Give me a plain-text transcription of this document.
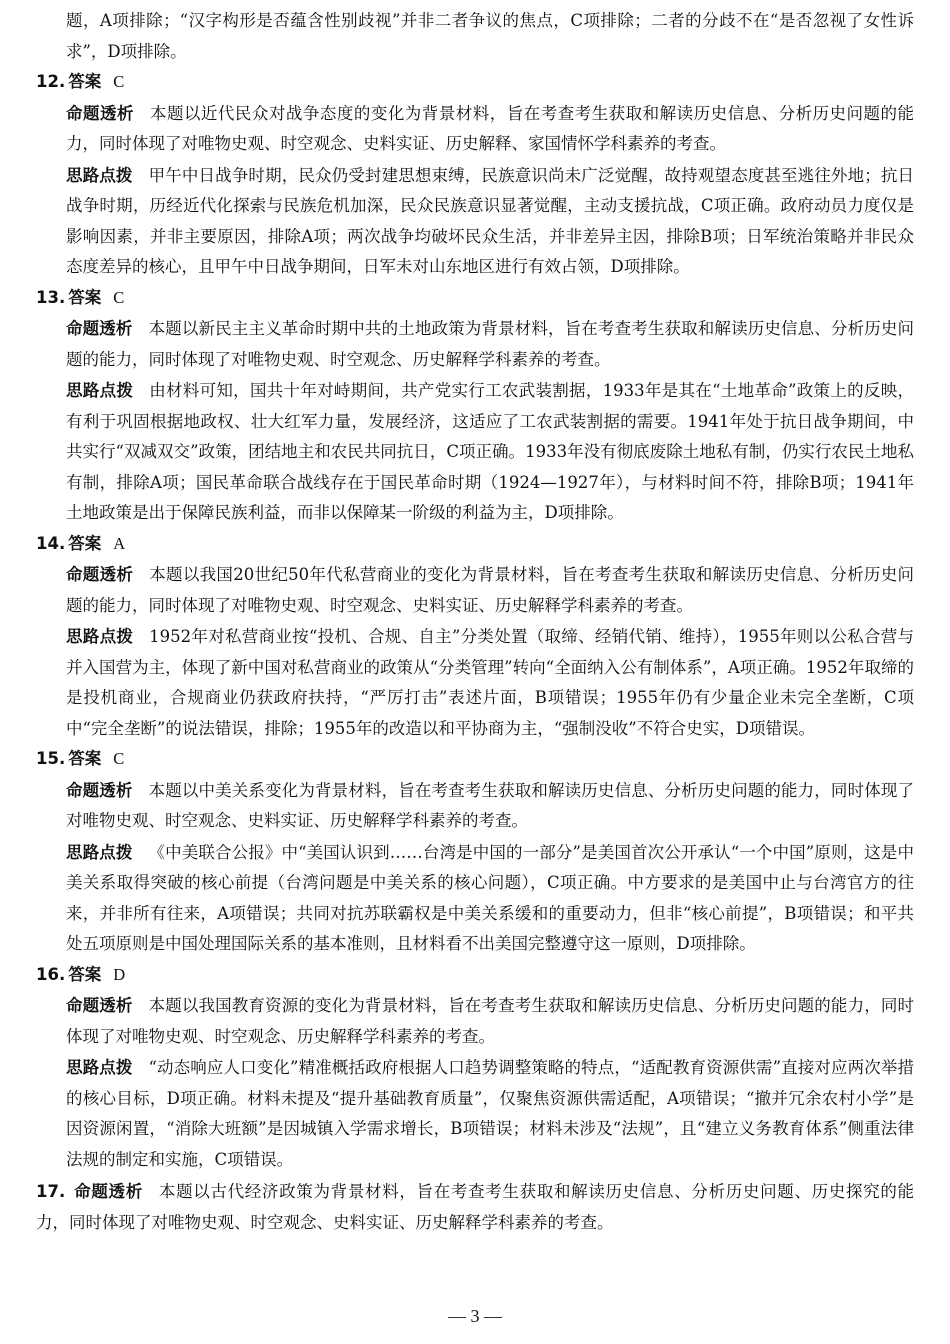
题，A项排除；“汉字构形是否蕴含性别歧视”并非二者争议的焦点，C项排除；二者的分歧不在“是否忽视了女性诉求”，D项排除。

12. 答案 C

命题透析 本题以近代民众对战争态度的变化为背景材料，旨在考查考生获取和解读历史信息、分析历史问题的能力，同时体现了对唯物史观、时空观念、史料实证、历史解释、家国情怀学科素养的考查。

思路点拨 甲午中日战争时期，民众仍受封建思想束缚，民族意识尚未广泛觉醒，故持观望态度甚至逃往外地；抗日战争时期，历经近代化探索与民族危机加深，民众民族意识显著觉醒，主动支援抗战，C项正确。政府动员力度仅是影响因素，并非主要原因，排除A项；两次战争均破坏民众生活，并非差异主因，排除B项；日军统治策略并非民众态度差异的核心，且甲午中日战争期间，日军未对山东地区进行有效占领，D项排除。

13. 答案 C

命题透析 本题以新民主主义革命时期中共的土地政策为背景材料，旨在考查考生获取和解读历史信息、分析历史问题的能力，同时体现了对唯物史观、时空观念、历史解释学科素养的考查。

思路点拨 由材料可知，国共十年对峙期间，共产党实行工农武装割据，1933年是其在“土地革命”政策上的反映，有利于巩固根据地政权、壮大红军力量，发展经济，这适应了工农武装割据的需要。1941年处于抗日战争期间，中共实行“双减双交”政策，团结地主和农民共同抗日，C项正确。1933年没有彻底废除土地私有制，仍实行农民土地私有制，排除A项；国民革命联合战线存在于国民革命时期（1924—1927年），与材料时间不符，排除B项；1941年土地政策是出于保障民族利益，而非以保障某一阶级的利益为主，D项排除。

14. 答案 A

命题透析 本题以我国20世纪50年代私营商业的变化为背景材料，旨在考查考生获取和解读历史信息、分析历史问题的能力，同时体现了对唯物史观、时空观念、史料实证、历史解释学科素养的考查。

思路点拨 1952年对私营商业按“投机、合规、自主”分类处置（取缔、经销代销、维持），1955年则以公私合营与并入国营为主，体现了新中国对私营商业的政策从“分类管理”转向“全面纳入公有制体系”，A项正确。1952年取缔的是投机商业，合规商业仍获政府扶持，“严厉打击”表述片面，B项错误；1955年仍有少量企业未完全垄断，C项中“完全垄断”的说法错误，排除；1955年的改造以和平协商为主，“强制没收”不符合史实，D项错误。

15. 答案 C

命题透析 本题以中美关系变化为背景材料，旨在考查考生获取和解读历史信息、分析历史问题的能力，同时体现了对唯物史观、时空观念、史料实证、历史解释学科素养的考查。

思路点拨 《中美联合公报》中“美国认识到……台湾是中国的一部分”是美国首次公开承认“一个中国”原则，这是中美关系取得突破的核心前提（台湾问题是中美关系的核心问题），C项正确。中方要求的是美国中止与台湾官方的往来，并非所有往来，A项错误；共同对抗苏联霸权是中美关系缓和的重要动力，但非“核心前提”，B项错误；和平共处五项原则是中国处理国际关系的基本准则，且材料看不出美国完整遵守这一原则，D项排除。

16. 答案 D

命题透析 本题以我国教育资源的变化为背景材料，旨在考查考生获取和解读历史信息、分析历史问题的能力，同时体现了对唯物史观、时空观念、历史解释学科素养的考查。

思路点拨 “动态响应人口变化”精准概括政府根据人口趋势调整策略的特点，“适配教育资源供需”直接对应两次举措的核心目标，D项正确。材料未提及“提升基础教育质量”，仅聚焦资源供需适配，A项错误；“撤并冗余农村小学”是因资源闲置，“消除大班额”是因城镇入学需求增长，B项错误；材料未涉及“法规”，且“建立义务教育体系”侧重法律法规的制定和实施，C项错误。

17. 命题透析 本题以古代经济政策为背景材料，旨在考查考生获取和解读历史信息、分析历史问题、历史探究的能力，同时体现了对唯物史观、时空观念、史料实证、历史解释学科素养的考查。

— 3 —
